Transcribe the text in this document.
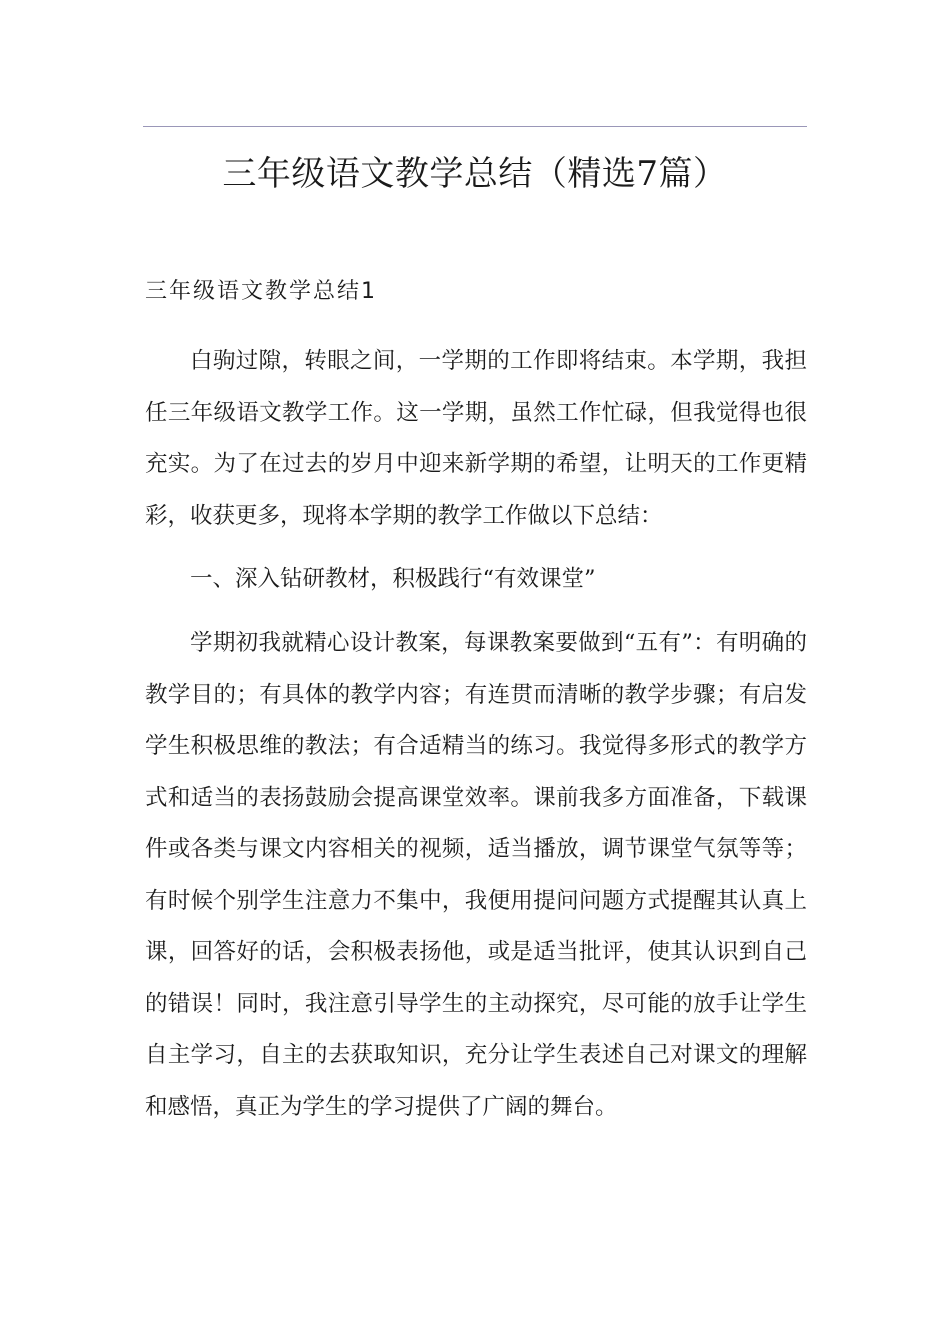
三年级语文教学总结（精选7篇）
三年级语文教学总结1

白驹过隙，转眼之间，一学期的工作即将结束。本学期，我担任三年级语文教学工作。这一学期，虽然工作忙碌，但我觉得也很充实。为了在过去的岁月中迎来新学期的希望，让明天的工作更精彩，收获更多，现将本学期的教学工作做以下总结：

一、深入钻研教材，积极践行“有效课堂”

学期初我就精心设计教案，每课教案要做到“五有”：有明确的教学目的；有具体的教学内容；有连贯而清晰的教学步骤；有启发学生积极思维的教法；有合适精当的练习。我觉得多形式的教学方式和适当的表扬鼓励会提高课堂效率。课前我多方面准备，下载课件或各类与课文内容相关的视频，适当播放，调节课堂气氛等等；有时候个别学生注意力不集中，我便用提问问题方式提醒其认真上课，回答好的话，会积极表扬他，或是适当批评，使其认识到自己的错误！同时，我注意引导学生的主动探究，尽可能的放手让学生自主学习，自主的去获取知识，充分让学生表述自己对课文的理解和感悟，真正为学生的学习提供了广阔的舞台。
